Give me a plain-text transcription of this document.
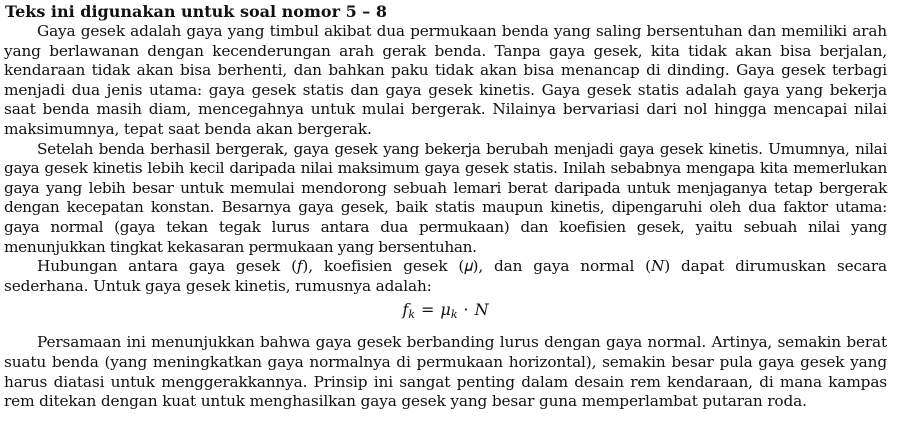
Teks ini digunakan untuk soal nomor 5 – 8

Gaya gesek adalah gaya yang timbul akibat dua permukaan benda yang saling bersentuhan dan memiliki arah yang berlawanan dengan kecenderungan arah gerak benda. Tanpa gaya gesek, kita tidak akan bisa berjalan, kendaraan tidak akan bisa berhenti, dan bahkan paku tidak akan bisa menancap di dinding. Gaya gesek terbagi menjadi dua jenis utama: gaya gesek statis dan gaya gesek kinetis. Gaya gesek statis adalah gaya yang bekerja saat benda masih diam, mencegahnya untuk mulai bergerak. Nilainya bervariasi dari nol hingga mencapai nilai maksimumnya, tepat saat benda akan bergerak.

Setelah benda berhasil bergerak, gaya gesek yang bekerja berubah menjadi gaya gesek kinetis. Umumnya, nilai gaya gesek kinetis lebih kecil daripada nilai maksimum gaya gesek statis. Inilah sebabnya mengapa kita memerlukan gaya yang lebih besar untuk memulai mendorong sebuah lemari berat daripada untuk menjaganya tetap bergerak dengan kecepatan konstan. Besarnya gaya gesek, baik statis maupun kinetis, dipengaruhi oleh dua faktor utama: gaya normal (gaya tekan tegak lurus antara dua permukaan) dan koefisien gesek, yaitu sebuah nilai yang menunjukkan tingkat kekasaran permukaan yang bersentuhan.

Hubungan antara gaya gesek (𝑓), koefisien gesek (𝜇), dan gaya normal (𝑁) dapat dirumuskan secara sederhana. Untuk gaya gesek kinetis, rumusnya adalah:

$f_k = \mu_k \cdot N$

Persamaan ini menunjukkan bahwa gaya gesek berbanding lurus dengan gaya normal. Artinya, semakin berat suatu benda (yang meningkatkan gaya normalnya di permukaan horizontal), semakin besar pula gaya gesek yang harus diatasi untuk menggerakkannya. Prinsip ini sangat penting dalam desain rem kendaraan, di mana kampas rem ditekan dengan kuat untuk menghasilkan gaya gesek yang besar guna memperlambat putaran roda.
